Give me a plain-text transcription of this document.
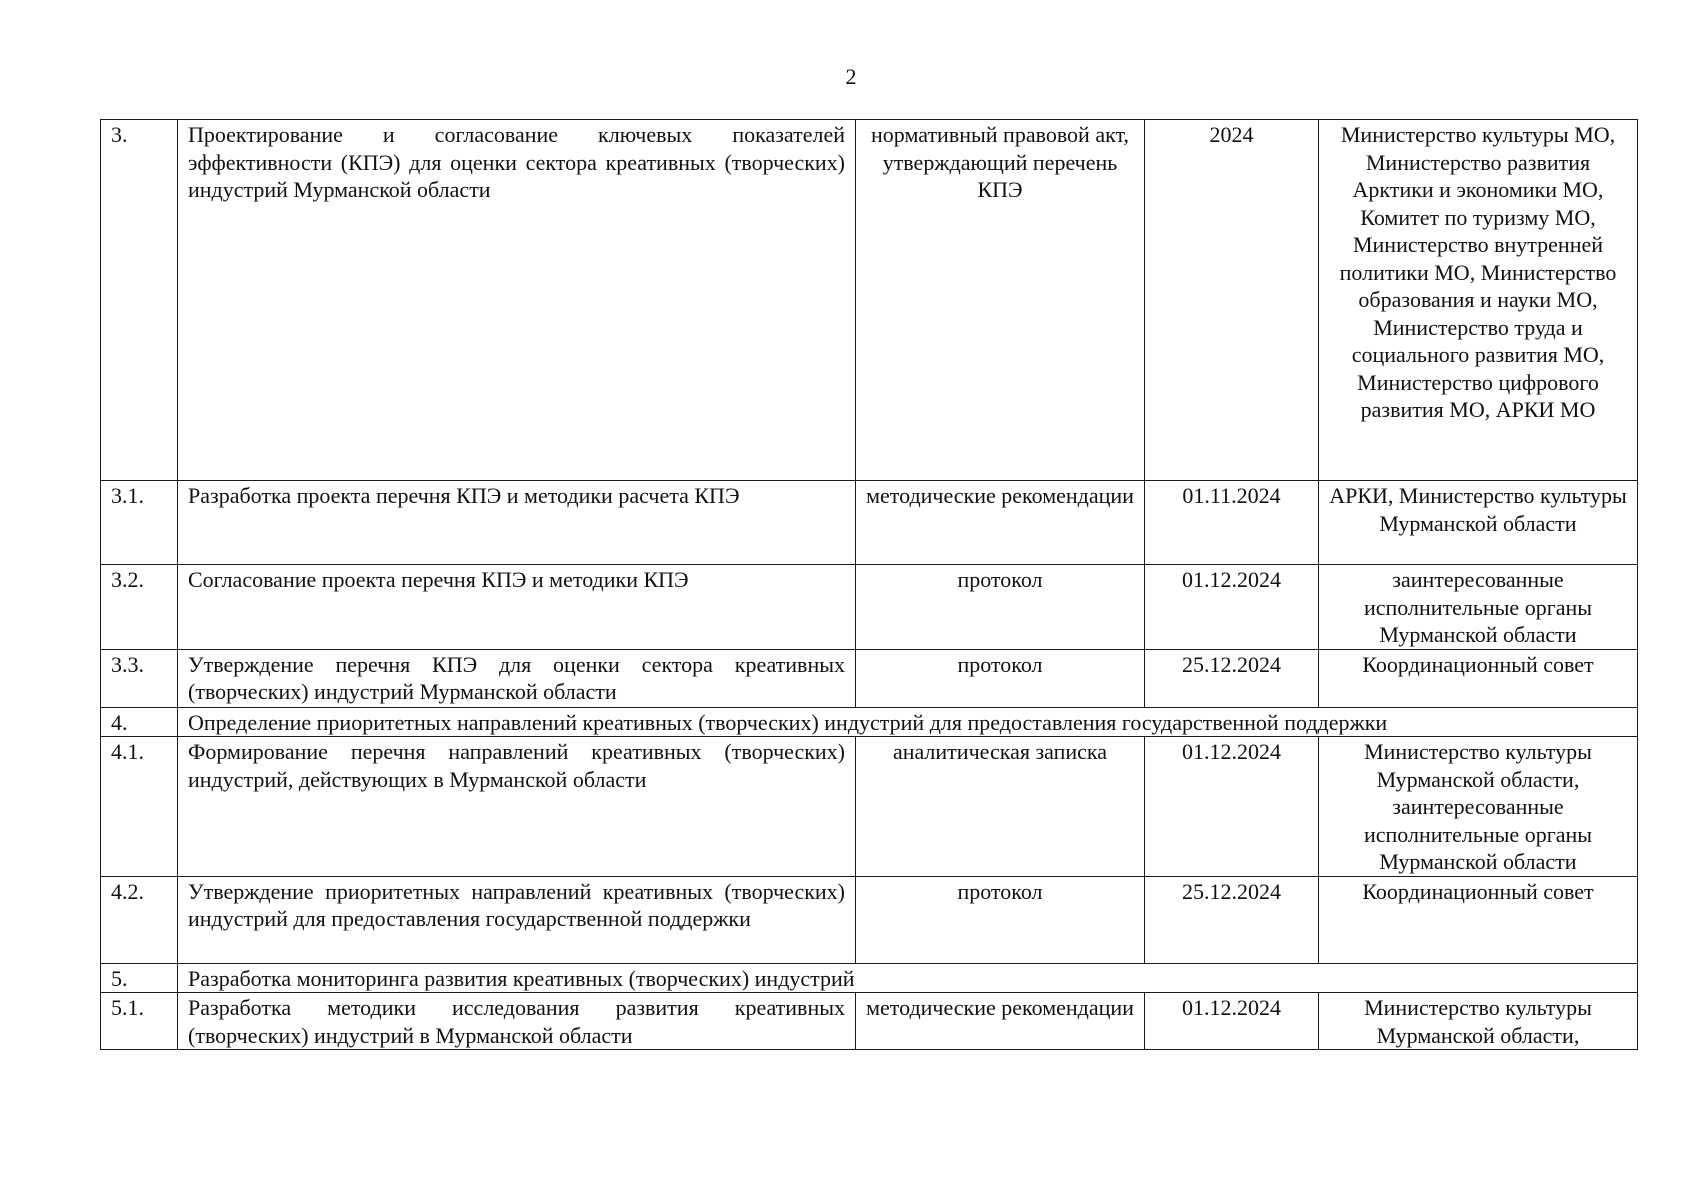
2
3.	Проектирование и согласование ключевых показателей эффективности (КПЭ) для оценки сектора креативных (творческих) индустрий Мурманской области	нормативный правовой акт, утверждающий перечень КПЭ	2024	Министерство культуры МО, Министерство развития Арктики и экономики МО, Комитет по туризму МО, Министерство внутренней политики МО, Министерство образования и науки МО, Министерство труда и социального развития МО, Министерство цифрового развития МО, АРКИ МО
3.1.	Разработка проекта перечня КПЭ и методики расчета КПЭ	методические рекомендации	01.11.2024	АРКИ, Министерство культуры Мурманской области
3.2.	Согласование проекта перечня КПЭ и методики КПЭ	протокол	01.12.2024	заинтересованные исполнительные органы Мурманской области
3.3.	Утверждение перечня КПЭ для оценки сектора креативных (творческих) индустрий Мурманской области	протокол	25.12.2024	Координационный совет
4.	Определение приоритетных направлений креативных (творческих) индустрий для предоставления государственной поддержки			
4.1.	Формирование перечня направлений креативных (творческих) индустрий, действующих в Мурманской области	аналитическая записка	01.12.2024	Министерство культуры Мурманской области, заинтересованные исполнительные органы Мурманской области
4.2.	Утверждение приоритетных направлений креативных (творческих) индустрий для предоставления государственной поддержки	протокол	25.12.2024	Координационный совет
5.	Разработка мониторинга развития креативных (творческих) индустрий			
5.1.	Разработка методики исследования развития креативных (творческих) индустрий в Мурманской области	методические рекомендации	01.12.2024	Министерство культуры Мурманской области,
